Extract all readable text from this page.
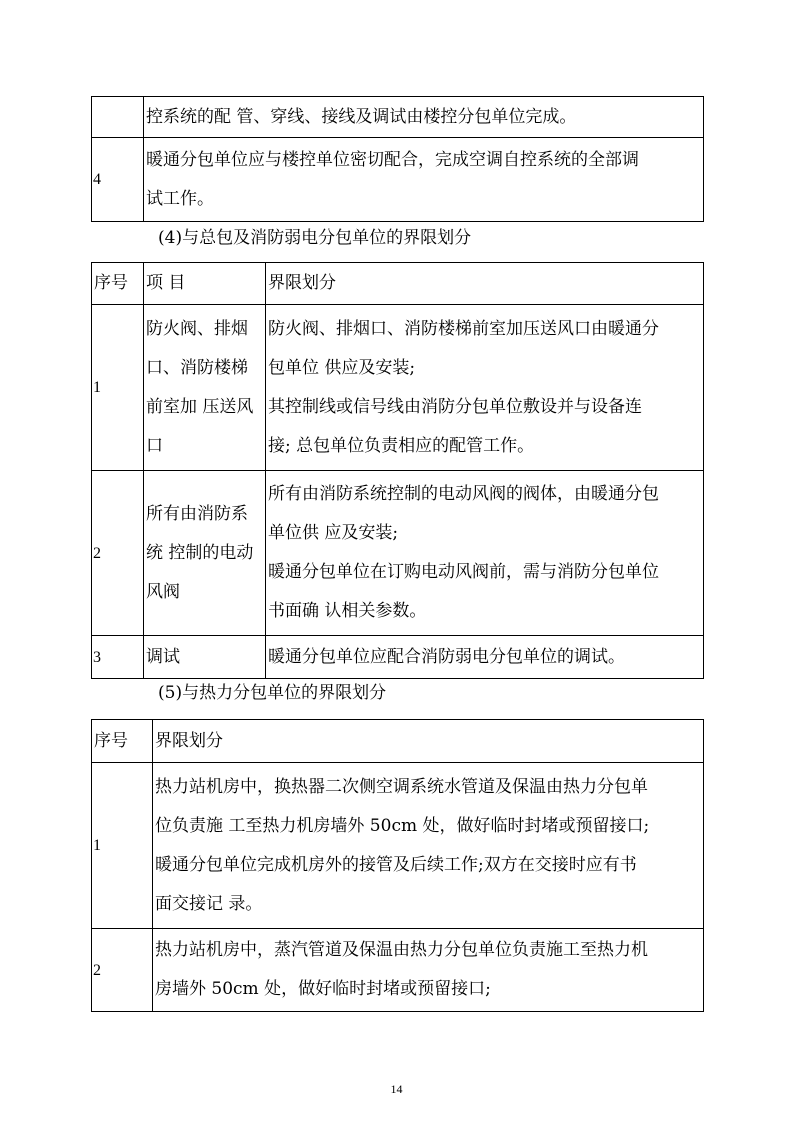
	控系统的配 管、穿线、接线及调试由楼控分包单位完成。

4	暖通分包单位应与楼控单位密切配合，完成空调自控系统的全部调
试工作。
(4)与总包及消防弱电分包单位的界限划分
序号	项 目	界限划分
1	防火阀、排烟
口、消防楼梯
前室加 压送风
口	防火阀、排烟口、消防楼梯前室加压送风口由暖通分
包单位 供应及安装;
其控制线或信号线由消防分包单位敷设并与设备连
接; 总包单位负责相应的配管工作。

2	所有由消防系
统 控制的电动
风阀	所有由消防系统控制的电动风阀的阀体，由暖通分包
单位供 应及安装;
暖通分包单位在订购电动风阀前，需与消防分包单位
书面确 认相关参数。

3	调试	暖通分包单位应配合消防弱电分包单位的调试。
(5)与热力分包单位的界限划分
序号	界限划分
1	热力站机房中，换热器二次侧空调系统水管道及保温由热力分包单
位负责施 工至热力机房墙外 50cm 处，做好临时封堵或预留接口;
暖通分包单位完成机房外的接管及后续工作;双方在交接时应有书
面交接记 录。

2	热力站机房中，蒸汽管道及保温由热力分包单位负责施工至热力机
房墙外 50cm 处，做好临时封堵或预留接口;
14
